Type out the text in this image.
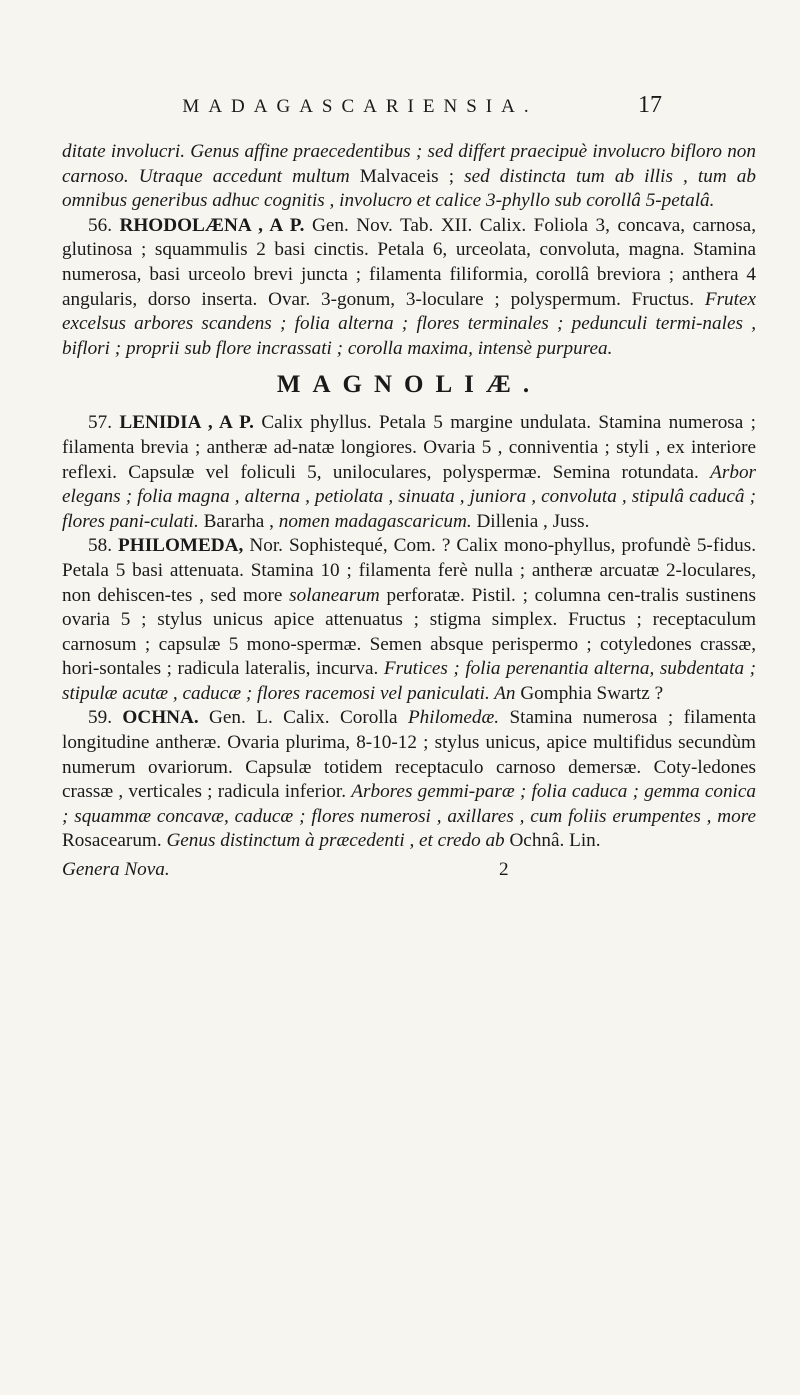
MADAGASCARIENSIA.	17

ditate involucri. Genus affine praecedentibus ; sed differt praecipuè involucro bifloro non carnoso. Utraque accedunt multum Malvaceis ; sed distincta tum ab illis , tum ab omnibus generibus adhuc cognitis , involucro et calice 3-phyllo sub corollâ 5-petalâ.

56. RHODOLÆNA , A P. Gen. Nov. Tab. XII. Calix. Foliola 3, concava, carnosa, glutinosa ; squammulis 2 basi cinctis. Petala 6, urceolata, convoluta, magna. Stamina numerosa, basi urceolo brevi juncta ; filamenta filiformia, corollâ breviora ; anthera 4 angularis, dorso inserta. Ovar. 3-gonum, 3-loculare ; polyspermum. Fructus. Frutex excelsus arbores scandens ; folia alterna ; flores terminales ; pedunculi termi-nales , biflori ; proprii sub flore incrassati ; corolla maxima, intensè purpurea.

MAGNOLIÆ.

57. LENIDIA , A P. Calix phyllus. Petala 5 margine undulata. Stamina numerosa ; filamenta brevia ; antheræ ad-natæ longiores. Ovaria 5 , conniventia ; styli , ex interiore reflexi. Capsulæ vel foliculi 5, uniloculares, polyspermæ. Semina rotundata. Arbor elegans ; folia magna , alterna , petiolata , sinuata , juniora , convoluta , stipulâ caducâ ; flores pani-culati. Bararha , nomen madagascaricum. Dillenia , Juss.

58. PHILOMEDA, Nor. Sophistequé, Com. ? Calix mono-phyllus, profundè 5-fidus. Petala 5 basi attenuata. Stamina 10 ; filamenta ferè nulla ; antheræ arcuatæ 2-loculares, non dehiscen-tes , sed more solanearum perforatæ. Pistil. ; columna cen-tralis sustinens ovaria 5 ; stylus unicus apice attenuatus ; stigma simplex. Fructus ; receptaculum carnosum ; capsulæ 5 mono-spermæ. Semen absque perispermo ; cotyledones crassæ, hori-sontales ; radicula lateralis, incurva. Frutices ; folia perenantia alterna, subdentata ; stipulæ acutæ , caducæ ; flores racemosi vel paniculati. An Gomphia Swartz ?

59. OCHNA. Gen. L. Calix. Corolla Philomedæ. Stamina numerosa ; filamenta longitudine antheræ. Ovaria plurima, 8-10-12 ; stylus unicus, apice multifidus secundùm numerum ovariorum. Capsulæ totidem receptaculo carnoso demersæ. Coty-ledones crassæ , verticales ; radicula inferior. Arbores gemmi-paræ ; folia caduca ; gemma conica ; squammæ concavæ, caducæ ; flores numerosi , axillares , cum foliis erumpentes , more Rosacearum. Genus distinctum à præcedenti , et credo ab Ochnâ. Lin.

Genera Nova.	2
